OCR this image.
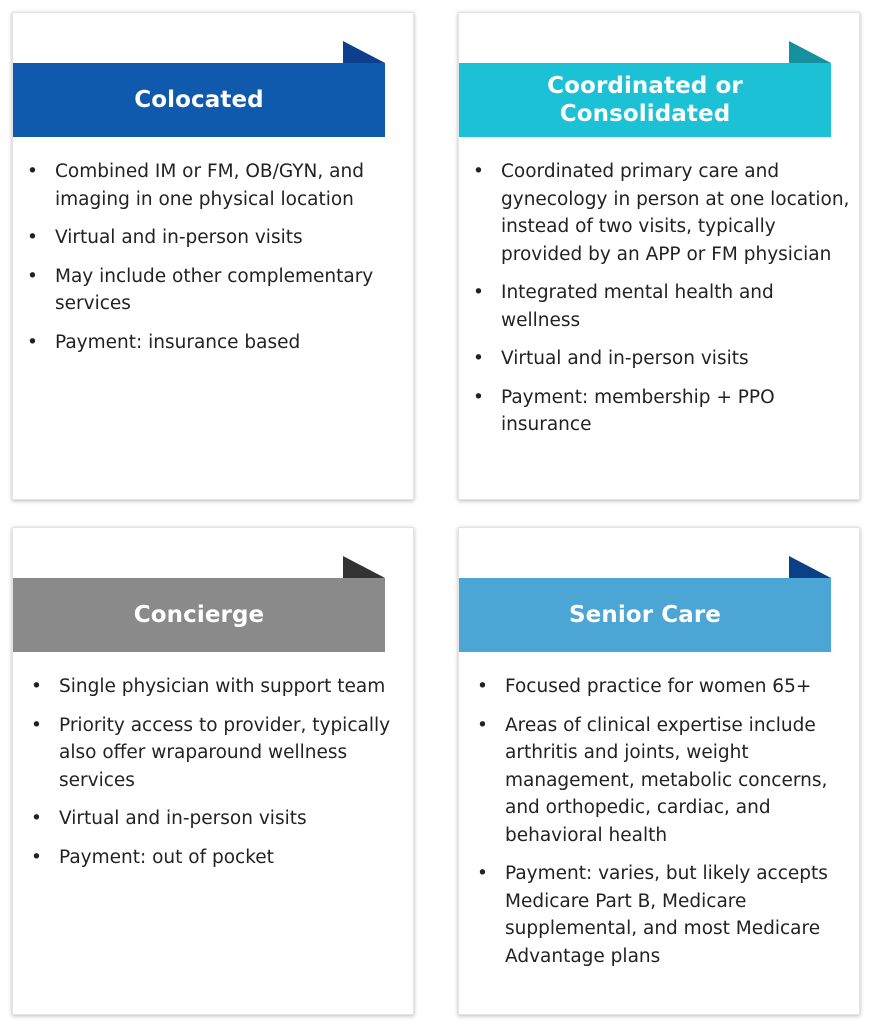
Colocated
• Combined IM or FM, OB/GYN, and imaging in one physical location
• Virtual and in-person visits
• May include other complementary services
• Payment: insurance based
Coordinated or
Consolidated
• Coordinated primary care and gynecology in person at one location, instead of two visits, typically provided by an APP or FM physician
• Integrated mental health and wellness
• Virtual and in-person visits
• Payment: membership + PPO insurance
Concierge
• Single physician with support team
• Priority access to provider, typically also offer wraparound wellness services
• Virtual and in-person visits
• Payment: out of pocket
Senior Care
• Focused practice for women 65+
• Areas of clinical expertise include arthritis and joints, weight management, metabolic concerns, and orthopedic, cardiac, and behavioral health
• Payment: varies, but likely accepts Medicare Part B, Medicare supplemental, and most Medicare Advantage plans
